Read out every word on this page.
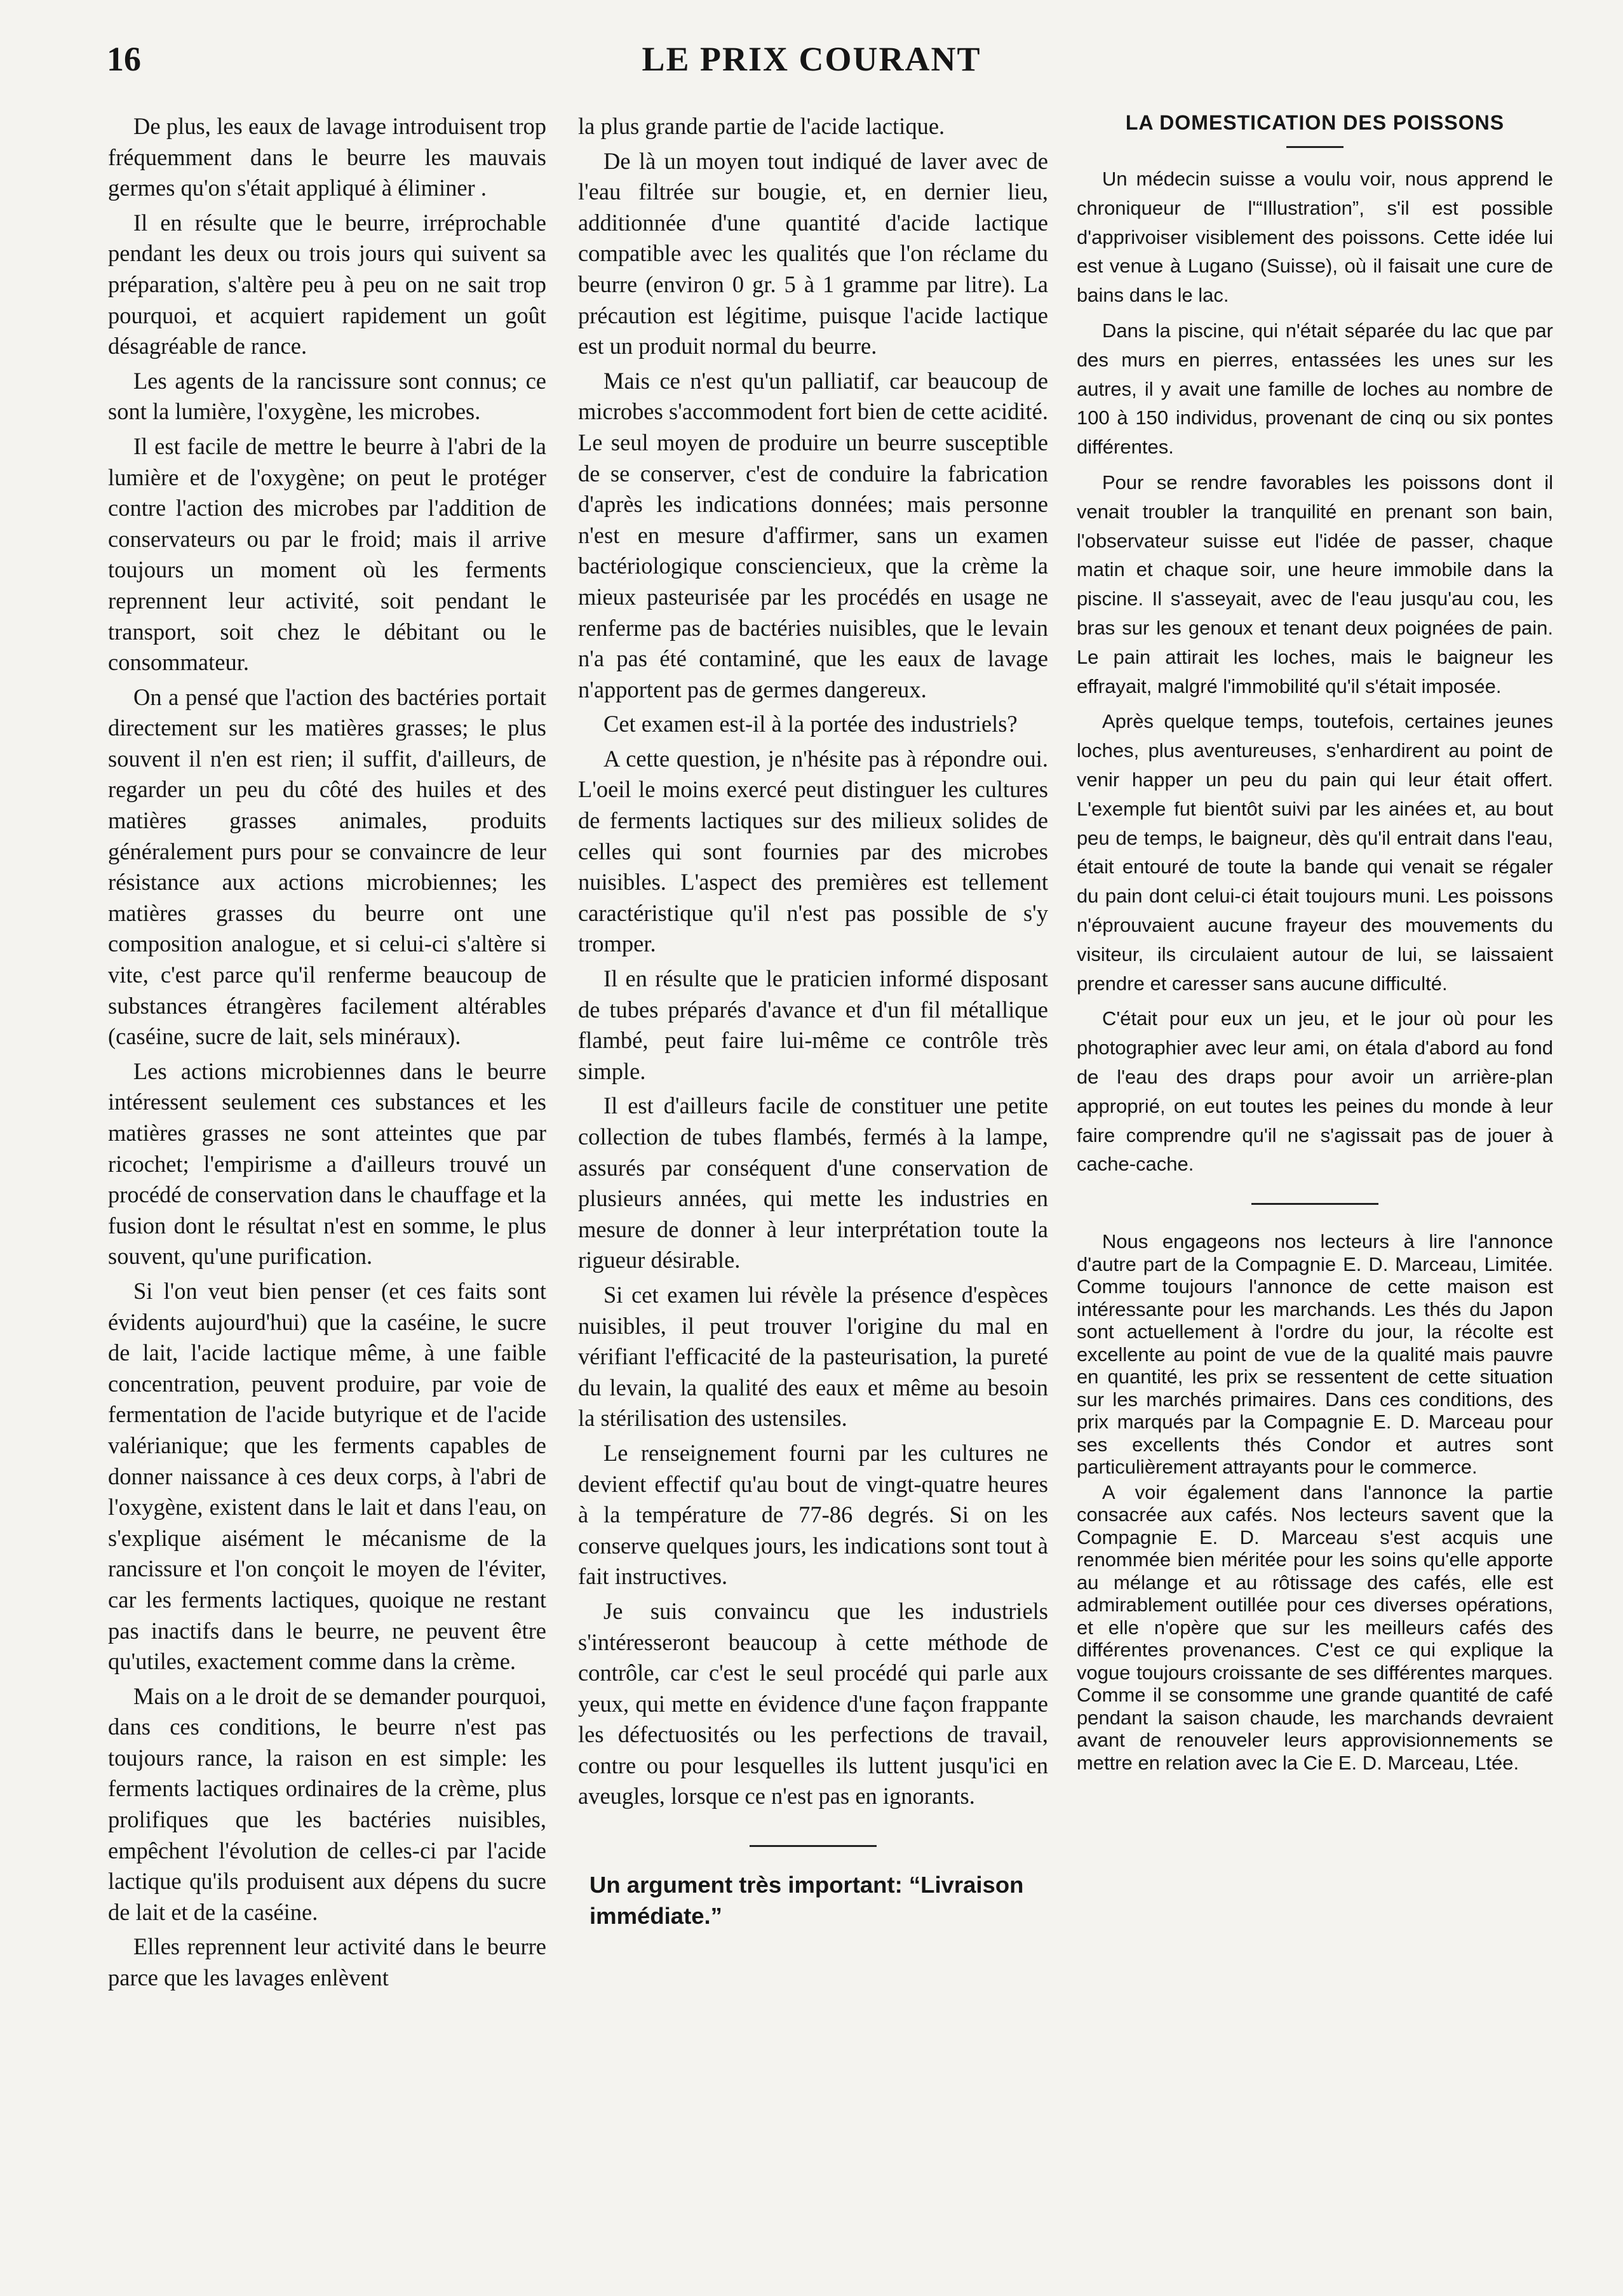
16	LE PRIX COURANT

De plus, les eaux de lavage introduisent trop fréquemment dans le beurre les mauvais germes qu'on s'était appliqué à éliminer .

Il en résulte que le beurre, irréprochable pendant les deux ou trois jours qui suivent sa préparation, s'altère peu à peu on ne sait trop pourquoi, et acquiert rapidement un goût désagréable de rance.

Les agents de la rancissure sont connus; ce sont la lumière, l'oxygène, les microbes.

Il est facile de mettre le beurre à l'abri de la lumière et de l'oxygène; on peut le protéger contre l'action des microbes par l'addition de conservateurs ou par le froid; mais il arrive toujours un moment où les ferments reprennent leur activité, soit pendant le transport, soit chez le débitant ou le consommateur.

On a pensé que l'action des bactéries portait directement sur les matières grasses; le plus souvent il n'en est rien; il suffit, d'ailleurs, de regarder un peu du côté des huiles et des matières grasses animales, produits généralement purs pour se convaincre de leur résistance aux actions microbiennes; les matières grasses du beurre ont une composition analogue, et si celui-ci s'altère si vite, c'est parce qu'il renferme beaucoup de substances étrangères facilement altérables (caséine, sucre de lait, sels minéraux).

Les actions microbiennes dans le beurre intéressent seulement ces substances et les matières grasses ne sont atteintes que par ricochet; l'empirisme a d'ailleurs trouvé un procédé de conservation dans le chauffage et la fusion dont le résultat n'est en somme, le plus souvent, qu'une purification.

Si l'on veut bien penser (et ces faits sont évidents aujourd'hui) que la caséine, le sucre de lait, l'acide lactique même, à une faible concentration, peuvent produire, par voie de fermentation de l'acide butyrique et de l'acide valérianique; que les ferments capables de donner naissance à ces deux corps, à l'abri de l'oxygène, existent dans le lait et dans l'eau, on s'explique aisément le mécanisme de la rancissure et l'on conçoit le moyen de l'éviter, car les ferments lactiques, quoique ne restant pas inactifs dans le beurre, ne peuvent être qu'utiles, exactement comme dans la crème.

Mais on a le droit de se demander pourquoi, dans ces conditions, le beurre n'est pas toujours rance, la raison en est simple: les ferments lactiques ordinaires de la crème, plus prolifiques que les bactéries nuisibles, empêchent l'évolution de celles-ci par l'acide lactique qu'ils produisent aux dépens du sucre de lait et de la caséine.

Elles reprennent leur activité dans le beurre parce que les lavages enlèvent

la plus grande partie de l'acide lactique.

De là un moyen tout indiqué de laver avec de l'eau filtrée sur bougie, et, en dernier lieu, additionnée d'une quantité d'acide lactique compatible avec les qualités que l'on réclame du beurre (environ 0 gr. 5 à 1 gramme par litre). La précaution est légitime, puisque l'acide lactique est un produit normal du beurre.

Mais ce n'est qu'un palliatif, car beaucoup de microbes s'accommodent fort bien de cette acidité. Le seul moyen de produire un beurre susceptible de se conserver, c'est de conduire la fabrication d'après les indications données; mais personne n'est en mesure d'affirmer, sans un examen bactériologique consciencieux, que la crème la mieux pasteurisée par les procédés en usage ne renferme pas de bactéries nuisibles, que le levain n'a pas été contaminé, que les eaux de lavage n'apportent pas de germes dangereux.

Cet examen est-il à la portée des industriels?

A cette question, je n'hésite pas à répondre oui. L'oeil le moins exercé peut distinguer les cultures de ferments lactiques sur des milieux solides de celles qui sont fournies par des microbes nuisibles. L'aspect des premières est tellement caractéristique qu'il n'est pas possible de s'y tromper.

Il en résulte que le praticien informé disposant de tubes préparés d'avance et d'un fil métallique flambé, peut faire lui-même ce contrôle très simple.

Il est d'ailleurs facile de constituer une petite collection de tubes flambés, fermés à la lampe, assurés par conséquent d'une conservation de plusieurs années, qui mette les industries en mesure de donner à leur interprétation toute la rigueur désirable.

Si cet examen lui révèle la présence d'espèces nuisibles, il peut trouver l'origine du mal en vérifiant l'efficacité de la pasteurisation, la pureté du levain, la qualité des eaux et même au besoin la stérilisation des ustensiles.

Le renseignement fourni par les cultures ne devient effectif qu'au bout de vingt-quatre heures à la température de 77-86 degrés. Si on les conserve quelques jours, les indications sont tout à fait instructives.

Je suis convaincu que les industriels s'intéresseront beaucoup à cette méthode de contrôle, car c'est le seul procédé qui parle aux yeux, qui mette en évidence d'une façon frappante les défectuosités ou les perfections de travail, contre ou pour lesquelles ils luttent jusqu'ici en aveugles, lorsque ce n'est pas en ignorants.

Un argument très important: “Livraison immédiate.”

LA DOMESTICATION DES POISSONS

Un médecin suisse a voulu voir, nous apprend le chroniqueur de l'“Illustration”, s'il est possible d'apprivoiser visiblement des poissons. Cette idée lui est venue à Lugano (Suisse), où il faisait une cure de bains dans le lac.

Dans la piscine, qui n'était séparée du lac que par des murs en pierres, entassées les unes sur les autres, il y avait une famille de loches au nombre de 100 à 150 individus, provenant de cinq ou six pontes différentes.

Pour se rendre favorables les poissons dont il venait troubler la tranquilité en prenant son bain, l'observateur suisse eut l'idée de passer, chaque matin et chaque soir, une heure immobile dans la piscine. Il s'asseyait, avec de l'eau jusqu'au cou, les bras sur les genoux et tenant deux poignées de pain. Le pain attirait les loches, mais le baigneur les effrayait, malgré l'immobilité qu'il s'était imposée.

Après quelque temps, toutefois, certaines jeunes loches, plus aventureuses, s'enhardirent au point de venir happer un peu du pain qui leur était offert. L'exemple fut bientôt suivi par les ainées et, au bout peu de temps, le baigneur, dès qu'il entrait dans l'eau, était entouré de toute la bande qui venait se régaler du pain dont celui-ci était toujours muni. Les poissons n'éprouvaient aucune frayeur des mouvements du visiteur, ils circulaient autour de lui, se laissaient prendre et caresser sans aucune difficulté.

C'était pour eux un jeu, et le jour où pour les photographier avec leur ami, on étala d'abord au fond de l'eau des draps pour avoir un arrière-plan approprié, on eut toutes les peines du monde à leur faire comprendre qu'il ne s'agissait pas de jouer à cache-cache.

Nous engageons nos lecteurs à lire l'annonce d'autre part de la Compagnie E. D. Marceau, Limitée. Comme toujours l'annonce de cette maison est intéressante pour les marchands. Les thés du Japon sont actuellement à l'ordre du jour, la récolte est excellente au point de vue de la qualité mais pauvre en quantité, les prix se ressentent de cette situation sur les marchés primaires. Dans ces conditions, des prix marqués par la Compagnie E. D. Marceau pour ses excellents thés Condor et autres sont particulièrement attrayants pour le commerce.

A voir également dans l'annonce la partie consacrée aux cafés. Nos lecteurs savent que la Compagnie E. D. Marceau s'est acquis une renommée bien méritée pour les soins qu'elle apporte au mélange et au rôtissage des cafés, elle est admirablement outillée pour ces diverses opérations, et elle n'opère que sur les meilleurs cafés des différentes provenances. C'est ce qui explique la vogue toujours croissante de ses différentes marques. Comme il se consomme une grande quantité de café pendant la saison chaude, les marchands devraient avant de renouveler leurs approvisionnements se mettre en relation avec la Cie E. D. Marceau, Ltée.
